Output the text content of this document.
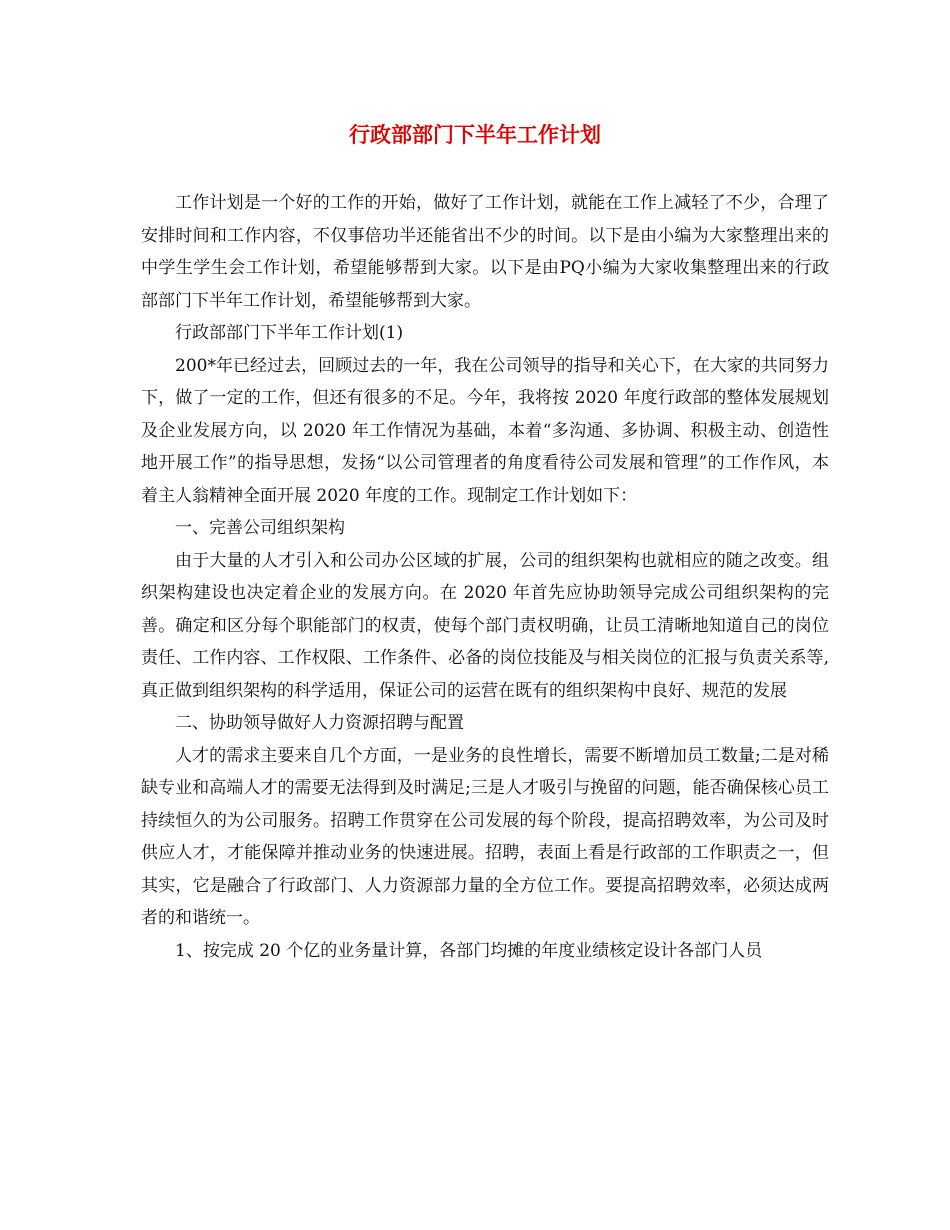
行政部部门下半年工作计划

工作计划是一个好的工作的开始，做好了工作计划，就能在工作上减轻了不少，合理了安排时间和工作内容，不仅事倍功半还能省出不少的时间。以下是由小编为大家整理出来的中学生学生会工作计划，希望能够帮到大家。以下是由PQ小编为大家收集整理出来的行政部部门下半年工作计划，希望能够帮到大家。

行政部部门下半年工作计划(1)

200*年已经过去，回顾过去的一年，我在公司领导的指导和关心下，在大家的共同努力下，做了一定的工作，但还有很多的不足。今年，我将按 2020 年度行政部的整体发展规划及企业发展方向，以 2020 年工作情况为基础，本着“多沟通、多协调、积极主动、创造性地开展工作”的指导思想，发扬“以公司管理者的角度看待公司发展和管理”的工作作风，本着主人翁精神全面开展 2020 年度的工作。现制定工作计划如下：

一、完善公司组织架构

由于大量的人才引入和公司办公区域的扩展，公司的组织架构也就相应的随之改变。组织架构建设也决定着企业的发展方向。在 2020 年首先应协助领导完成公司组织架构的完善。确定和区分每个职能部门的权责，使每个部门责权明确，让员工清晰地知道自己的岗位责任、工作内容、工作权限、工作条件、必备的岗位技能及与相关岗位的汇报与负责关系等,真正做到组织架构的科学适用，保证公司的运营在既有的组织架构中良好、规范的发展

二、协助领导做好人力资源招聘与配置

人才的需求主要来自几个方面，一是业务的良性增长，需要不断增加员工数量;二是对稀缺专业和高端人才的需要无法得到及时满足;三是人才吸引与挽留的问题，能否确保核心员工持续恒久的为公司服务。招聘工作贯穿在公司发展的每个阶段，提高招聘效率，为公司及时供应人才，才能保障并推动业务的快速进展。招聘，表面上看是行政部的工作职责之一，但其实，它是融合了行政部门、人力资源部力量的全方位工作。要提高招聘效率，必须达成两者的和谐统一。

1、按完成 20 个亿的业务量计算，各部门均摊的年度业绩核定设计各部门人员
